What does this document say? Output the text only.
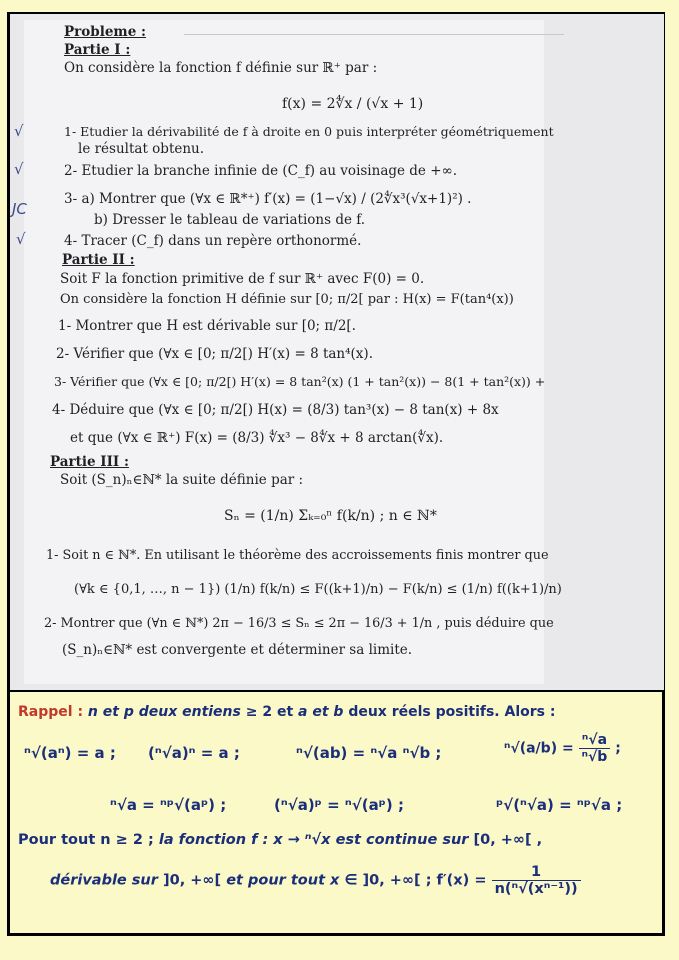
Probleme :
Partie I :
On considère la fonction f définie sur ℝ⁺ par :
f(x) = 2∜x / (√x + 1)
1- Etudier la dérivabilité de f à droite en 0 puis interpréter géométriquement
le résultat obtenu.
2- Etudier la branche infinie de (C_f) au voisinage de +∞.
3- a) Montrer que (∀x ∈ ℝ*⁺) f′(x) = (1−√x) / (2∜x³(√x+1)²) .
b) Dresser le tableau de variations de f.
4- Tracer (C_f) dans un repère orthonormé.
Partie II :
Soit F la fonction primitive de f sur ℝ⁺ avec F(0) = 0.
On considère la fonction H définie sur [0; π/2[ par : H(x) = F(tan⁴(x))
1- Montrer que H est dérivable sur [0; π/2[.
2- Vérifier que (∀x ∈ [0; π/2[) H′(x) = 8 tan⁴(x).
3- Vérifier que (∀x ∈ [0; π/2[) H′(x) = 8 tan²(x) (1 + tan²(x)) − 8(1 + tan²(x)) +
4- Déduire que (∀x ∈ [0; π/2[) H(x) = (8/3) tan³(x) − 8 tan(x) + 8x
et que (∀x ∈ ℝ⁺) F(x) = (8/3) ∜x³ − 8∜x + 8 arctan(∜x).
Partie III :
Soit (S_n)ₙ∈ℕ* la suite définie par :
Sₙ = (1/n) Σₖ₌₀ⁿ f(k/n) ; n ∈ ℕ*
1- Soit n ∈ ℕ*. En utilisant le théorème des accroissements finis montrer que
(∀k ∈ {0,1, …, n − 1}) (1/n) f(k/n) ≤ F((k+1)/n) − F(k/n) ≤ (1/n) f((k+1)/n)
2- Montrer que (∀n ∈ ℕ*) 2π − 16/3 ≤ Sₙ ≤ 2π − 16/3 + 1/n , puis déduire que
(S_n)ₙ∈ℕ* est convergente et déterminer sa limite.
√
√
JC
√
Rappel : n et p deux entiens ≥ 2 et a et b deux réels positifs. Alors :
ⁿ√(aⁿ) = a ; (ⁿ√a)ⁿ = a ;	ⁿ√(ab) = ⁿ√a ⁿ√b ;	$^n√(a/b) = \frac{\text{ⁿ√a}}{\text{ⁿ√b}}$ ;
ⁿ√a = ⁿᵖ√(aᵖ) ;	(ⁿ√a)ᵖ = ⁿ√(aᵖ) ;	ᵖ√(ⁿ√a) = ⁿᵖ√a ;
Pour tout n ≥ 2 ; la fonction f : x → ⁿ√x est continue sur [0, +∞[ ,
dérivable sur ]0, +∞[ et pour tout x ∈ ]0, +∞[ ; $f'(x) = \frac{1}{\text{n(ⁿ√(xⁿ⁻¹))}}$
